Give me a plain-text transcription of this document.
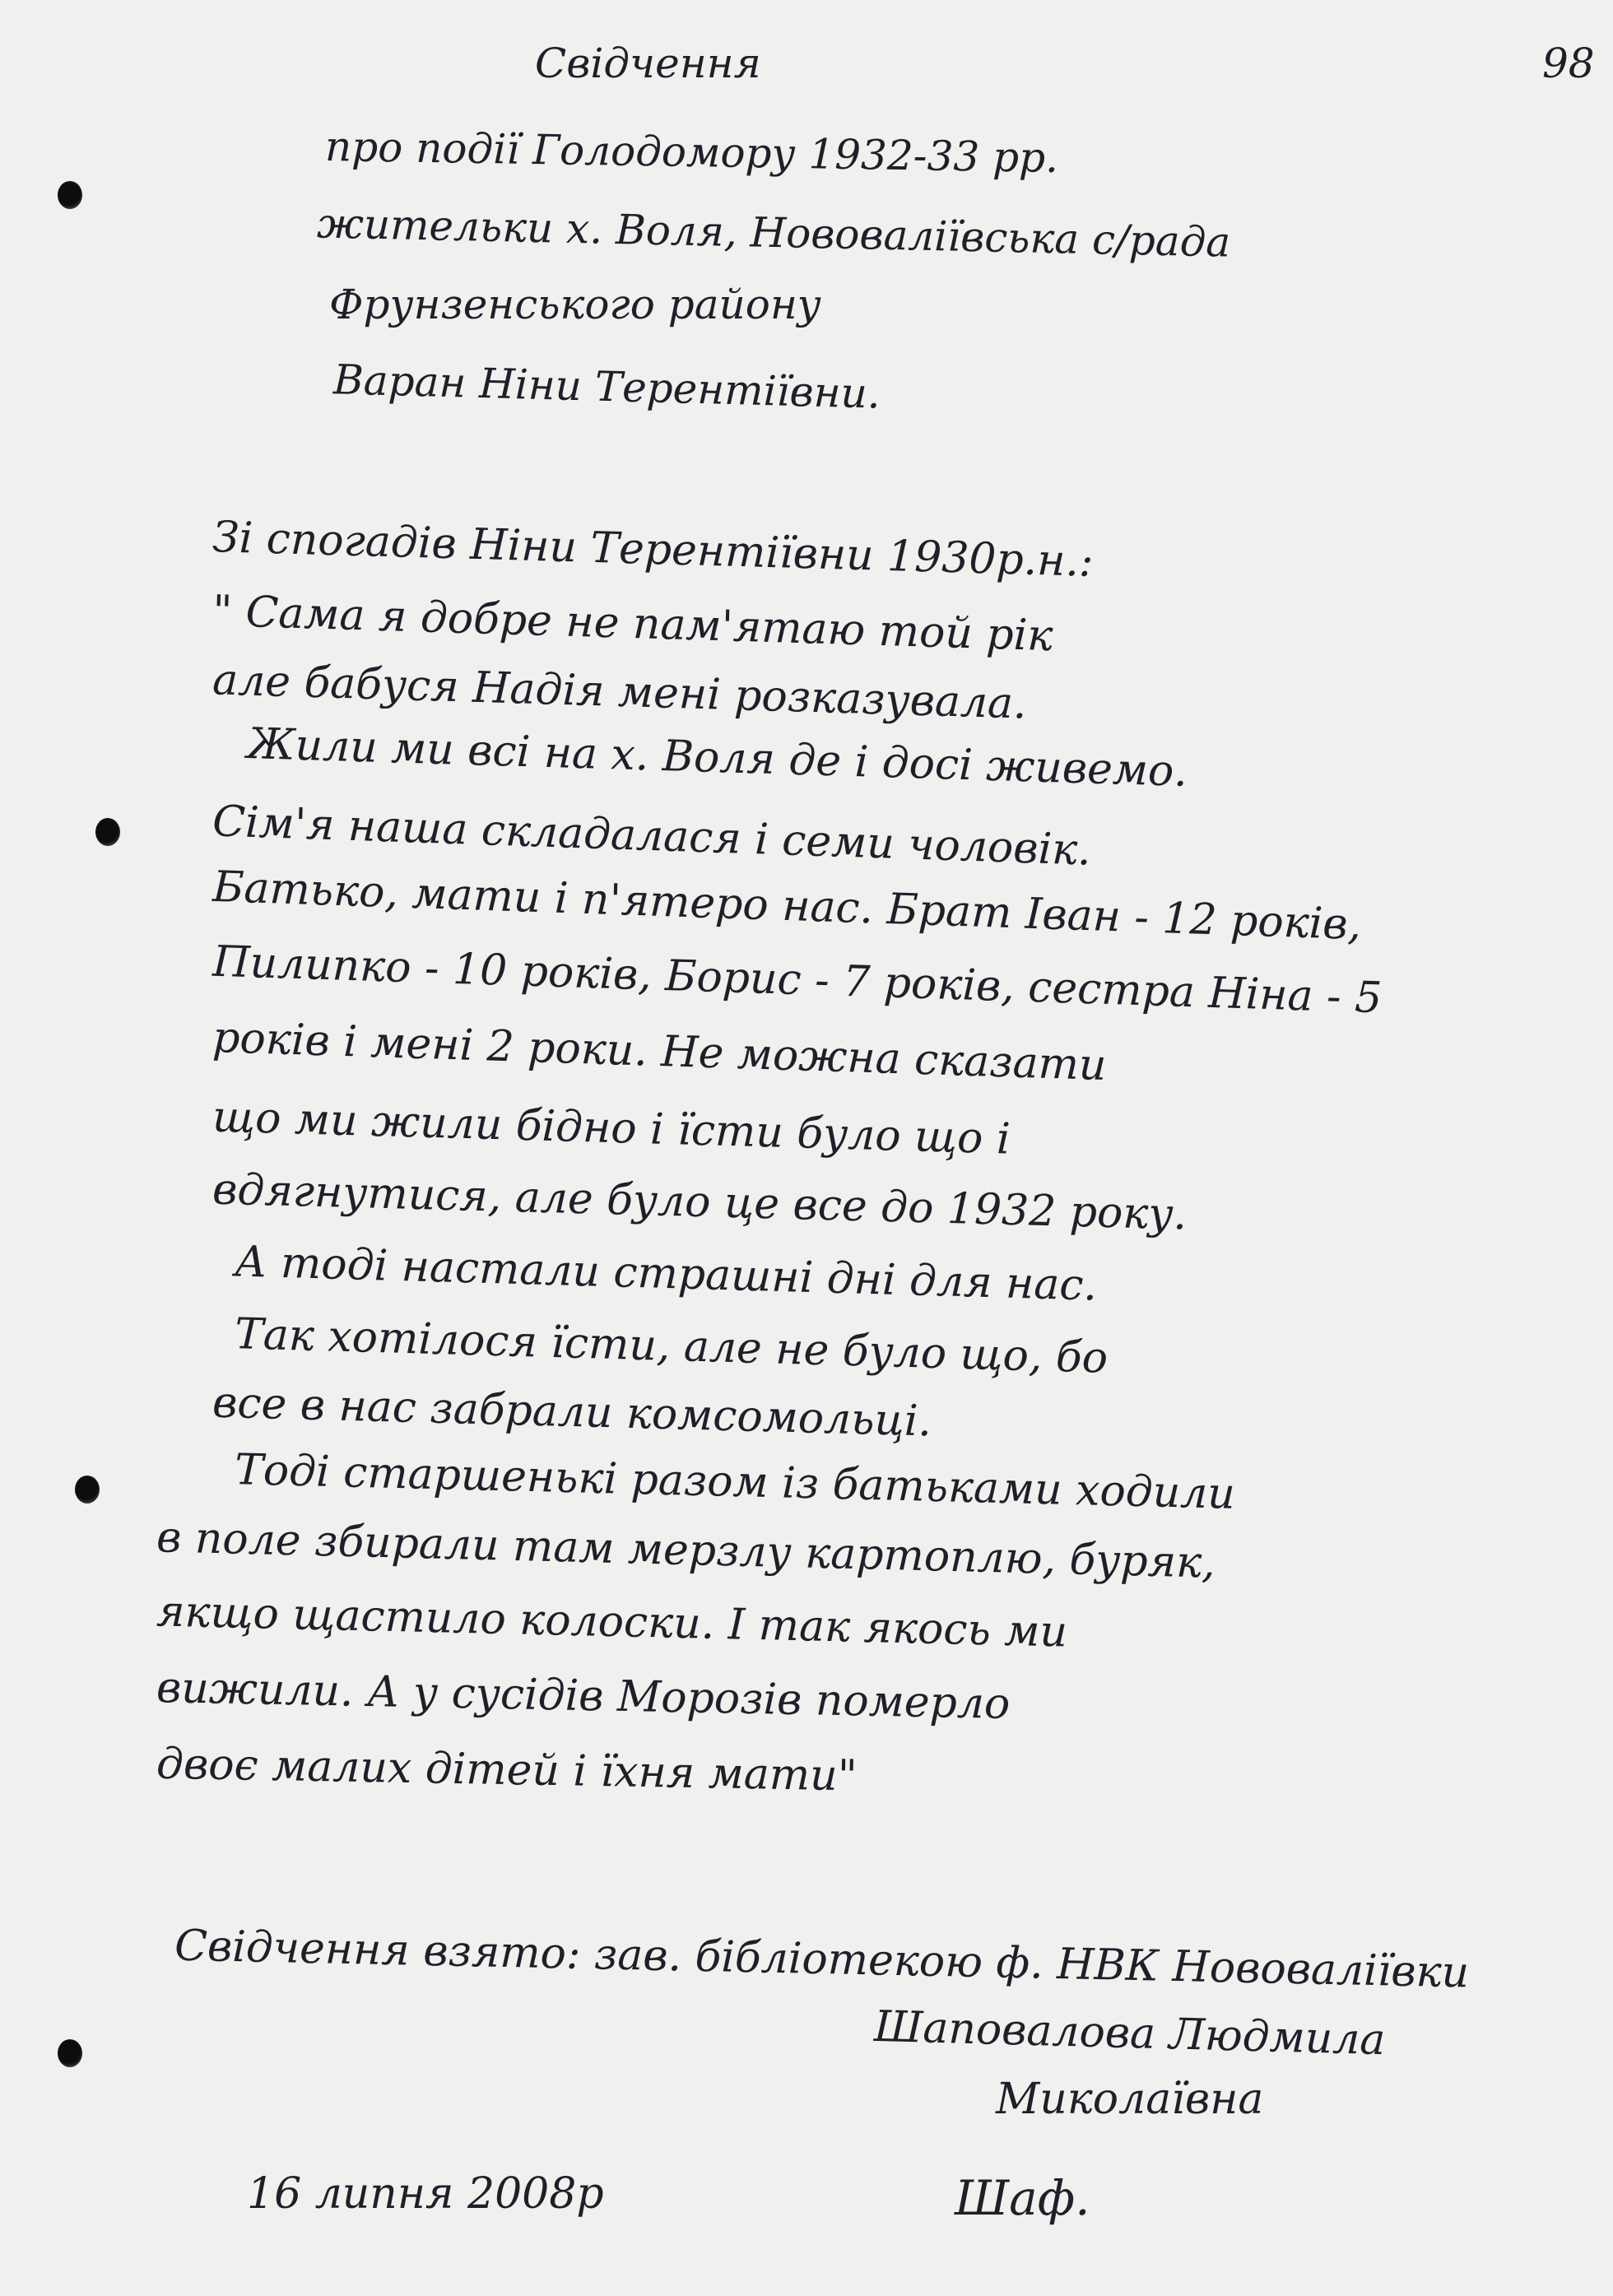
98
Свідчення
про події Голодомору 1932-33 рр.
жительки х. Воля, Нововаліївська с/рада
Фрунзенського району
Варан Ніни Терентіївни.
Зі спогадів Ніни Терентіївни 1930р.н.:
" Сама я добре не пам'ятаю той рік
але бабуся Надія мені розказувала.
Жили ми всі на х. Воля де і досі живемо.
Сім'я наша складалася і семи чоловік.
Батько, мати і п'ятеро нас. Брат Іван - 12 років,
Пилипко - 10 років, Борис - 7 років, сестра Ніна - 5
років і мені 2 роки. Не можна сказати
що ми жили бідно і їсти було що і
вдягнутися, але було це все до 1932 року.
А тоді настали страшні дні для нас.
Так хотілося їсти, але не було що, бо
все в нас забрали комсомольці.
Тоді старшенькі разом із батьками ходили
в поле збирали там мерзлу картоплю, буряк,
якщо щастило колоски. І так якось ми
вижили. А у сусідів Морозів померло
двоє малих дітей і їхня мати"
Свідчення взято: зав. бібліотекою ф. НВК Нововаліївки
Шаповалова Людмила
Миколаївна
16 липня 2008р	Шаф.
